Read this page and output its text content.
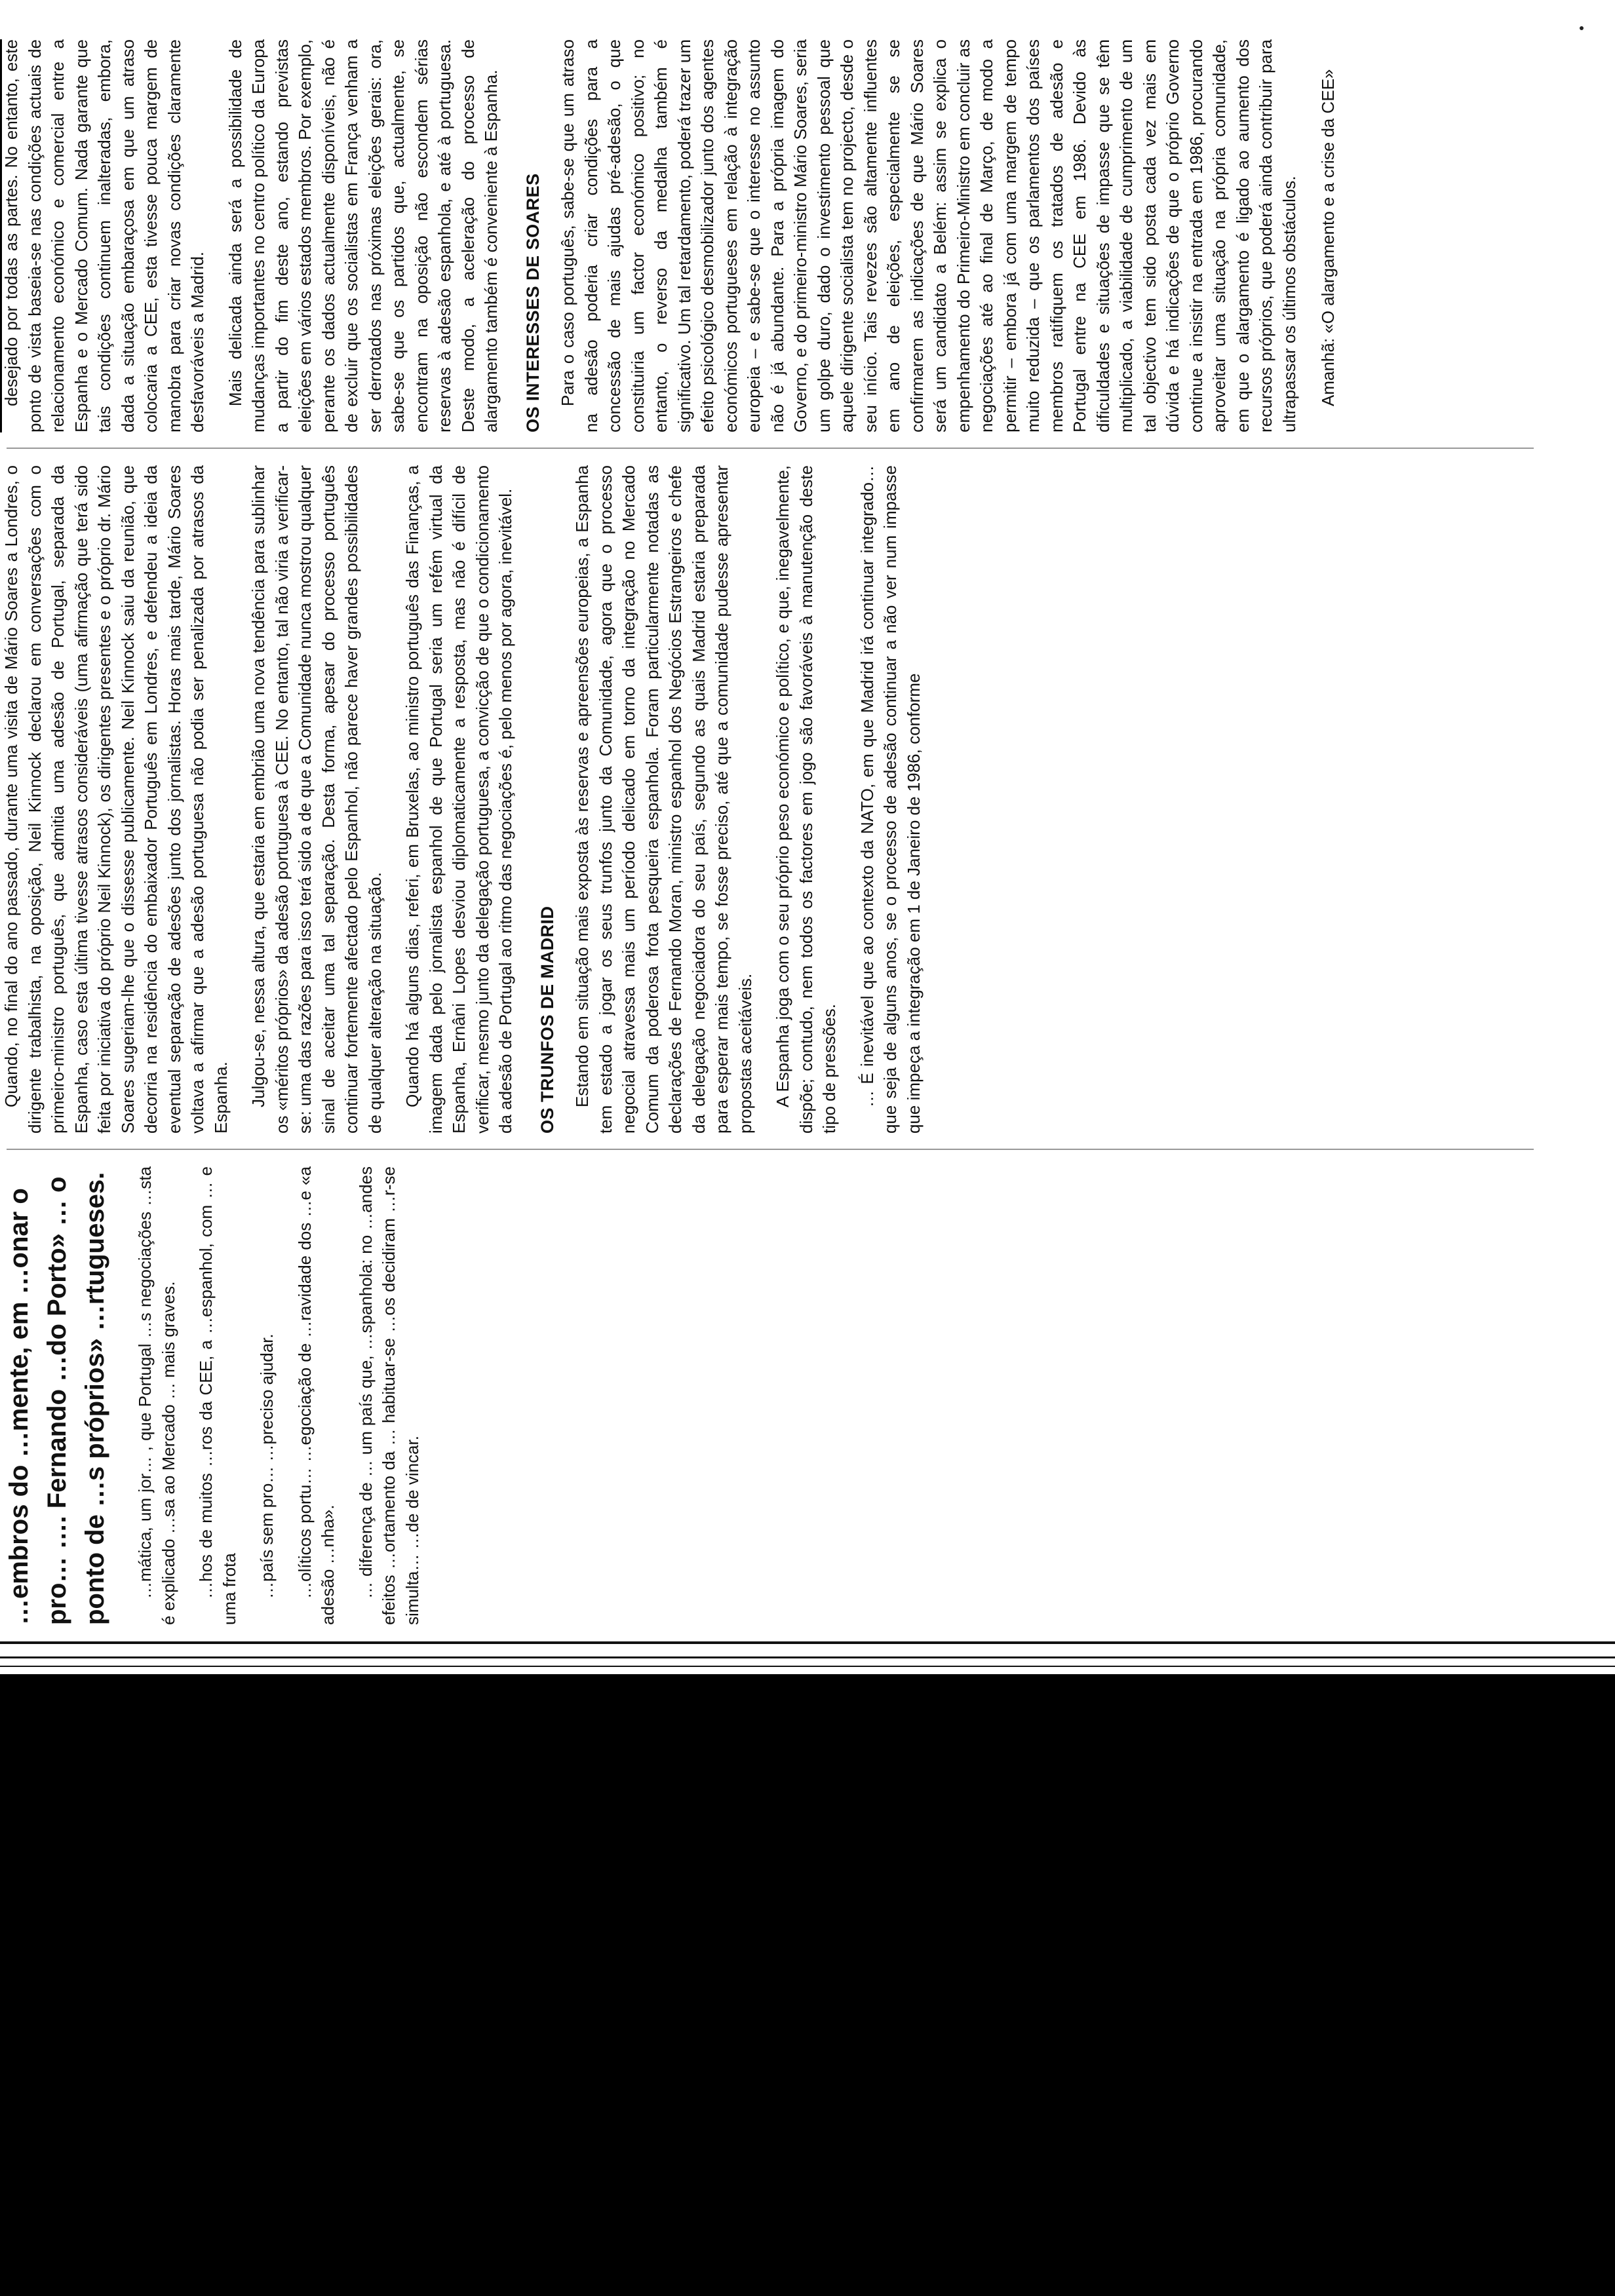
…embros do …mente, em …onar o pro… …. Fernando …do Porto» … o ponto de …s próprios» …rtugueses. …mática, um jor… , que Portugal …s negociações …sta é explicado …sa ao Mercado … mais graves. …hos de muitos …ros da CEE, a …espanhol, com … e uma frota …país sem pro… …preciso ajudar. …olíticos portu… …egociação de …ravidade dos …e «a adesão …nha». … diferença de … um país que, …spanhola: no …andes efeitos …ortamento da … habituar-se …os decidiram …r-se simulta… …de de vincar.

Quando, no final do ano passado, durante uma visita de Mário Soares a Londres, o dirigente trabalhista, na oposição, Neil Kinnock declarou em conversações com o primeiro-ministro português, que admitia uma adesão de Portugal, separada da Espanha, caso esta última tivesse atrasos consideráveis (uma afirmação que terá sido feita por iniciativa do próprio Neil Kinnock), os dirigentes presentes e o próprio dr. Mário Soares sugeriam-lhe que o dissesse publicamente. Neil Kinnock saiu da reunião, que decorria na residência do embaixador Português em Londres, e defendeu a ideia da eventual separação de adesões junto dos jornalistas. Horas mais tarde, Mário Soares voltava a afirmar que a adesão portuguesa não podia ser penalizada por atrasos da Espanha. Julgou-se, nessa altura, que estaria em embrião uma nova tendência para sublinhar os «méritos próprios» da adesão portuguesa à CEE. No entanto, tal não viria a verificar-se: uma das razões para isso terá sido a de que a Comunidade nunca mostrou qualquer sinal de aceitar uma tal separação. Desta forma, apesar do processo português continuar fortemente afectado pelo Espanhol, não parece haver grandes possibilidades de qualquer alteração na situação. Quando há alguns dias, referi, em Bruxelas, ao ministro português das Finanças, a imagem dada pelo jornalista espanhol de que Portugal seria um refém virtual da Espanha, Ernâni Lopes desviou diplomaticamente a resposta, mas não é difícil de verificar, mesmo junto da delegação portuguesa, a convicção de que o condicionamento da adesão de Portugal ao ritmo das negociações é, pelo menos por agora, inevitável. OS TRUNFOS DE MADRID Estando em situação mais exposta às reservas e apreensões europeias, a Espanha tem estado a jogar os seus trunfos junto da Comunidade, agora que o processo negocial atravessa mais um período delicado em torno da integração no Mercado Comum da poderosa frota pesqueira espanhola. Foram particularmente notadas as declarações de Fernando Moran, ministro espanhol dos Negócios Estrangeiros e chefe da delegação negociadora do seu país, segundo as quais Madrid estaria preparada para esperar mais tempo, se fosse preciso, até que a comunidade pudesse apresentar propostas aceitáveis. A Espanha joga com o seu próprio peso económico e político, e que, inegavelmente, dispõe; contudo, nem todos os factores em jogo são favoráveis à manutenção deste tipo de pressões. … É inevitável que ao contexto da NATO, em que Madrid irá continuar integrado… que seja de alguns anos, se o processo de adesão continuar a não ver num impasse que impeça a integração em 1 de Janeiro de 1986, conforme

desejado por todas as partes. No entanto, este ponto de vista baseia-se nas condições actuais de relacionamento económico e comercial entre a Espanha e o Mercado Comum. Nada garante que tais condições continuem inalteradas, embora, dada a situação embaraçosa em que um atraso colocaria a CEE, esta tivesse pouca margem de manobra para criar novas condições claramente desfavoráveis a Madrid. Mais delicada ainda será a possibilidade de mudanças importantes no centro político da Europa a partir do fim deste ano, estando previstas eleições em vários estados membros. Por exemplo, perante os dados actualmente disponíveis, não é de excluir que os socialistas em França venham a ser derrotados nas próximas eleições gerais: ora, sabe-se que os partidos que, actualmente, se encontram na oposição não escondem sérias reservas à adesão espanhola, e até à portuguesa. Deste modo, a aceleração do processo de alargamento também é conveniente à Espanha. OS INTERESSES DE SOARES Para o caso português, sabe-se que um atraso na adesão poderia criar condições para a concessão de mais ajudas pré-adesão, o que constituiria um factor económico positivo; no entanto, o reverso da medalha também é significativo. Um tal retardamento, poderá trazer um efeito psicológico desmobilizador junto dos agentes económicos portugueses em relação à integração europeia – e sabe-se que o interesse no assunto não é já abundante. Para a própria imagem do Governo, e do primeiro-ministro Mário Soares, seria um golpe duro, dado o investimento pessoal que aquele dirigente socialista tem no projecto, desde o seu início. Tais revezes são altamente influentes em ano de eleições, especialmente se se confirmarem as indicações de que Mário Soares será um candidato a Belém: assim se explica o empenhamento do Primeiro-Ministro em concluir as negociações até ao final de Março, de modo a permitir – embora já com uma margem de tempo muito reduzida – que os parlamentos dos países membros ratifiquem os tratados de adesão e Portugal entre na CEE em 1986. Devido às dificuldades e situações de impasse que se têm multiplicado, a viabilidade de cumprimento de um tal objectivo tem sido posta cada vez mais em dúvida e há indicações de que o próprio Governo continue a insistir na entrada em 1986, procurando aproveitar uma situação na própria comunidade, em que o alargamento é ligado ao aumento dos recursos próprios, que poderá ainda contribuir para ultrapassar os últimos obstáculos. Amanhã: «O alargamento e a crise da CEE»
